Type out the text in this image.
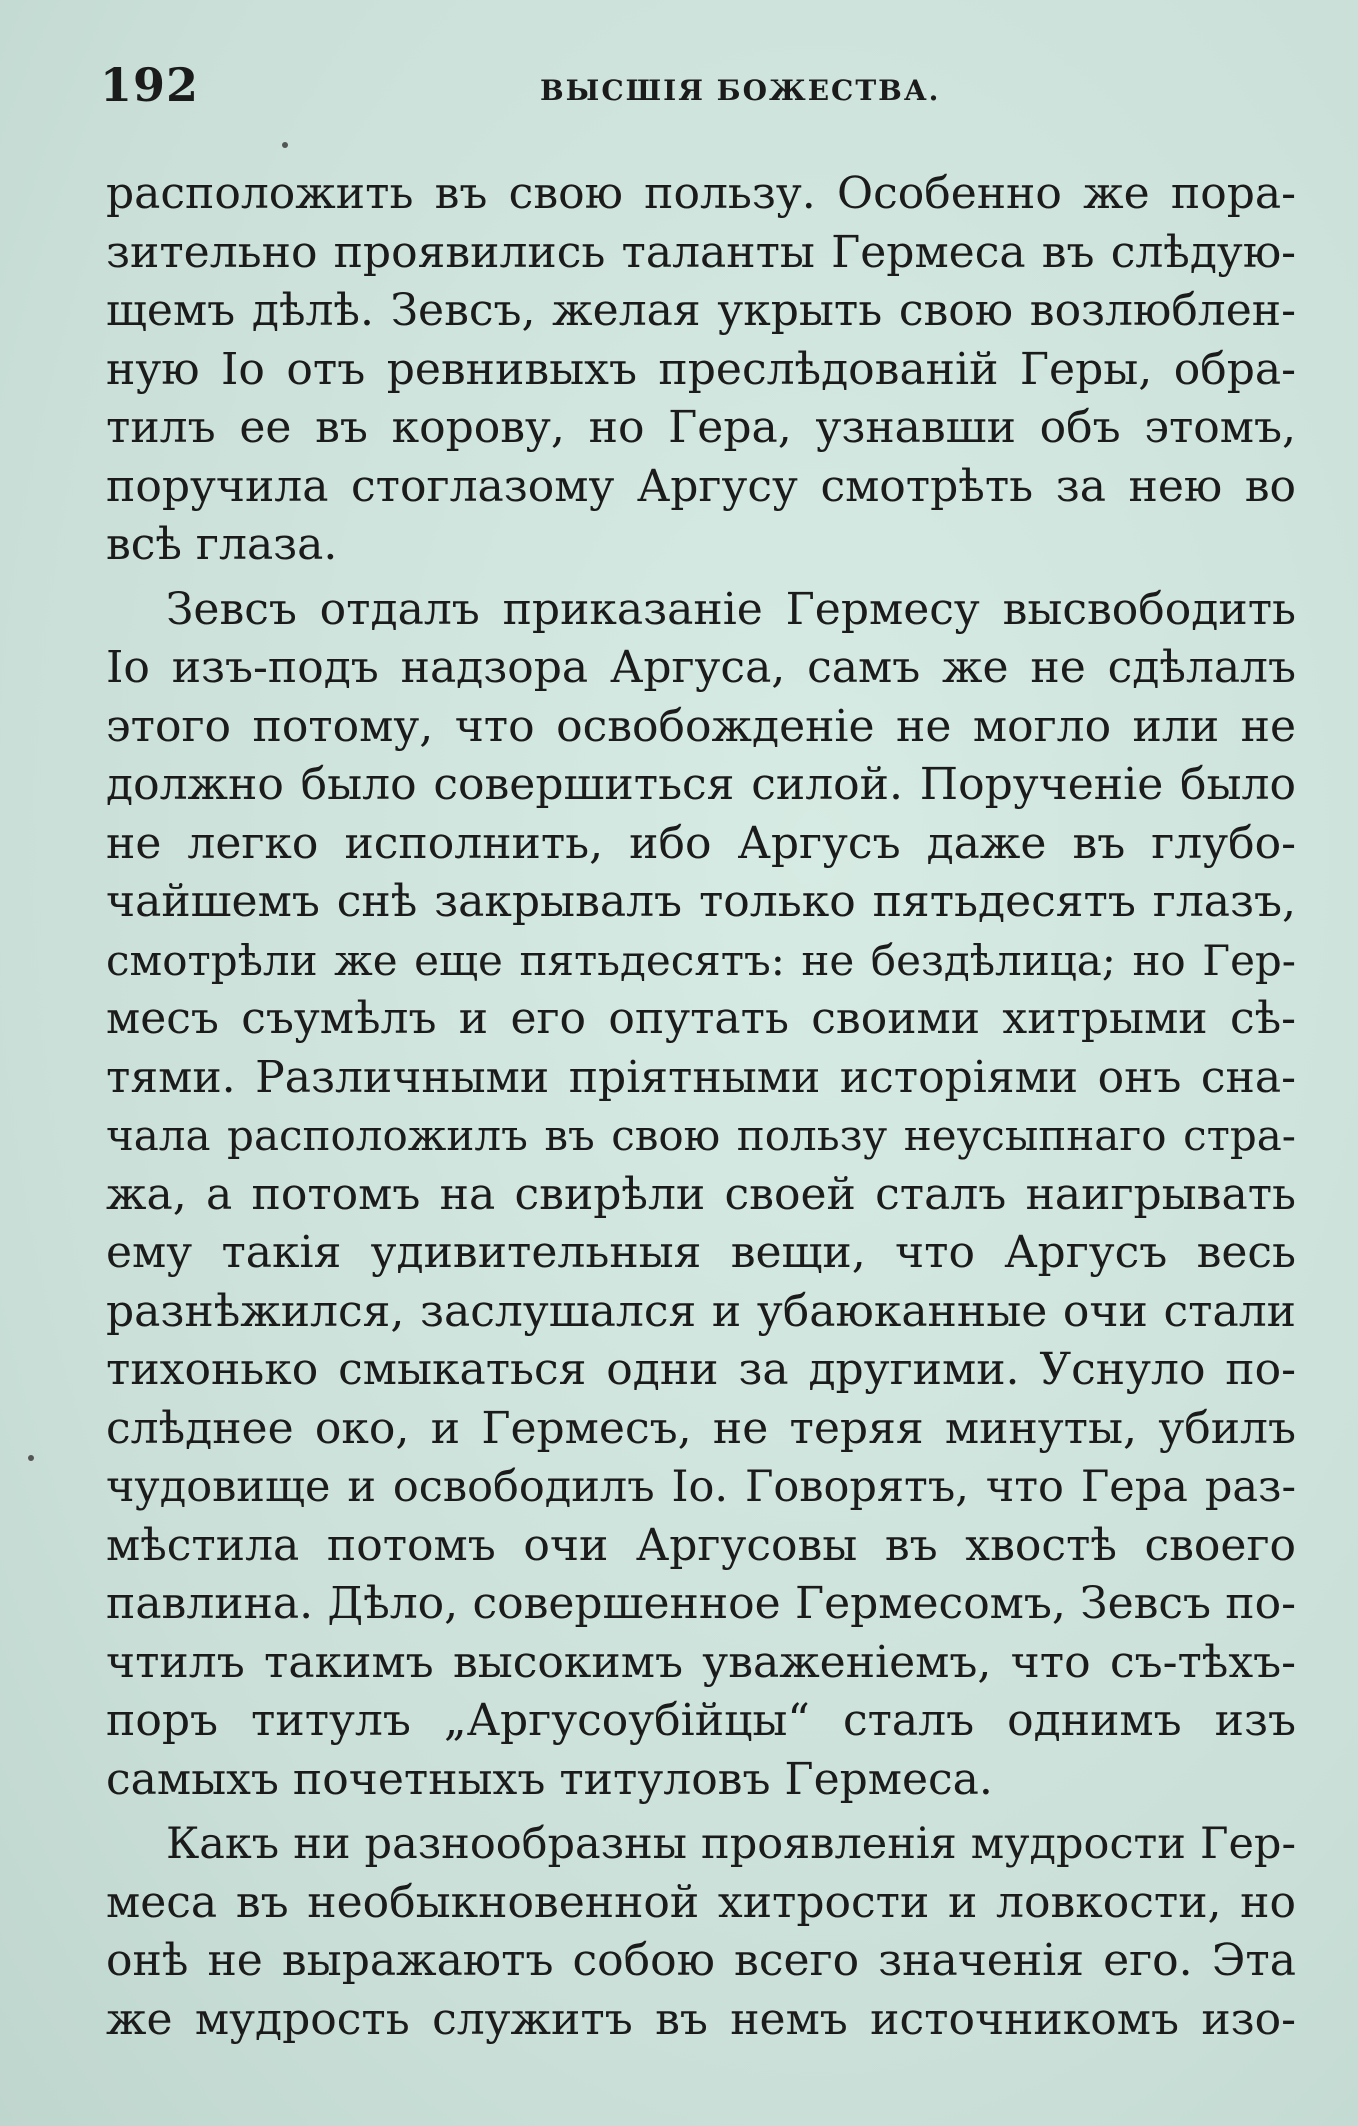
192	ВЫСШІЯ БОЖЕСТВА.
расположить въ свою пользу. Особенно же пора-
зительно проявились таланты Гермеса въ слѣдую-
щемъ дѣлѣ. Зевсъ, желая укрыть свою возлюблен-
ную Іо отъ ревнивыхъ преслѣдованій Геры, обра-
тилъ ее въ корову, но Гера, узнавши объ этомъ,
поручила стоглазому Аргусу смотрѣть за нею во
всѣ глаза.
Зевсъ отдалъ приказаніе Гермесу высвободить
Іо изъ-подъ надзора Аргуса, самъ же не сдѣлалъ
этого потому, что освобожденіе не могло или не
должно было совершиться силой. Порученіе было
не легко исполнить, ибо Аргусъ даже въ глубо-
чайшемъ снѣ закрывалъ только пятьдесятъ глазъ,
смотрѣли же еще пятьдесятъ: не бездѣлица; но Гер-
месъ съумѣлъ и его опутать своими хитрыми сѣ-
тями. Различными пріятными исторіями онъ сна-
чала расположилъ въ свою пользу неусыпнаго стра-
жа, а потомъ на свирѣли своей сталъ наигрывать
ему такія удивительныя вещи, что Аргусъ весь
разнѣжился, заслушался и убаюканные очи стали
тихонько смыкаться одни за другими. Уснуло по-
слѣднее око, и Гермесъ, не теряя минуты, убилъ
чудовище и освободилъ Іо. Говорятъ, что Гера раз-
мѣстила потомъ очи Аргусовы въ хвостѣ своего
павлина. Дѣло, совершенное Гермесомъ, Зевсъ по-
чтилъ такимъ высокимъ уваженіемъ, что съ-тѣхъ-
поръ титулъ „Аргусоубійцы“ сталъ однимъ изъ
самыхъ почетныхъ титуловъ Гермеса.
Какъ ни разнообразны проявленія мудрости Гер-
меса въ необыкновенной хитрости и ловкости, но
онѣ не выражаютъ собою всего значенія его. Эта
же мудрость служитъ въ немъ источникомъ изо-
